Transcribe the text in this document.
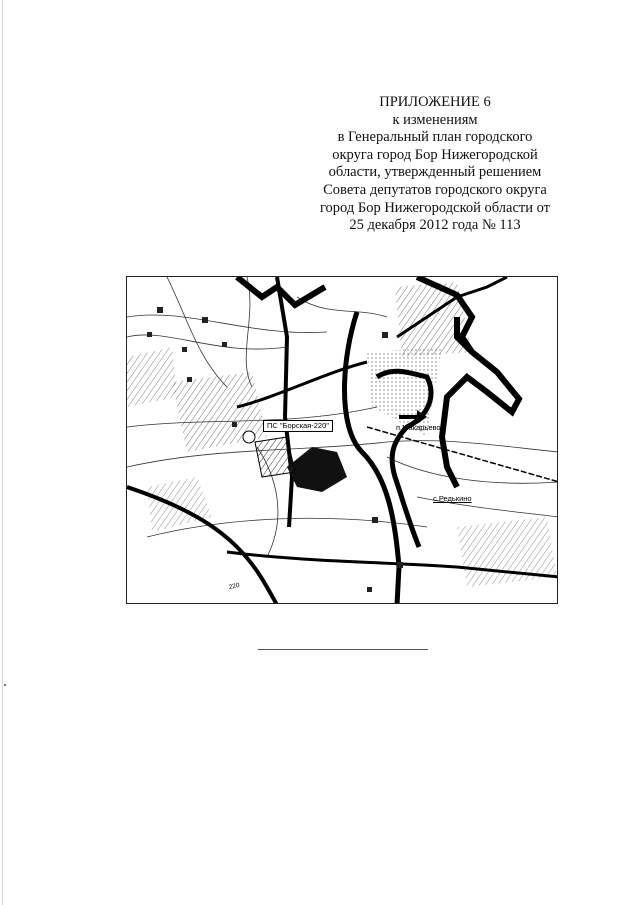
ПРИЛОЖЕНИЕ 6
к изменениям
в Генеральный план городского
округа город Бор Нижегородской
области, утвержденный решением
Совета депутатов городского округа
город Бор Нижегородской области от
25 декабря 2012 года № 113
ПС "Борская-220"	п.Макарьево
с.Редькино
220
